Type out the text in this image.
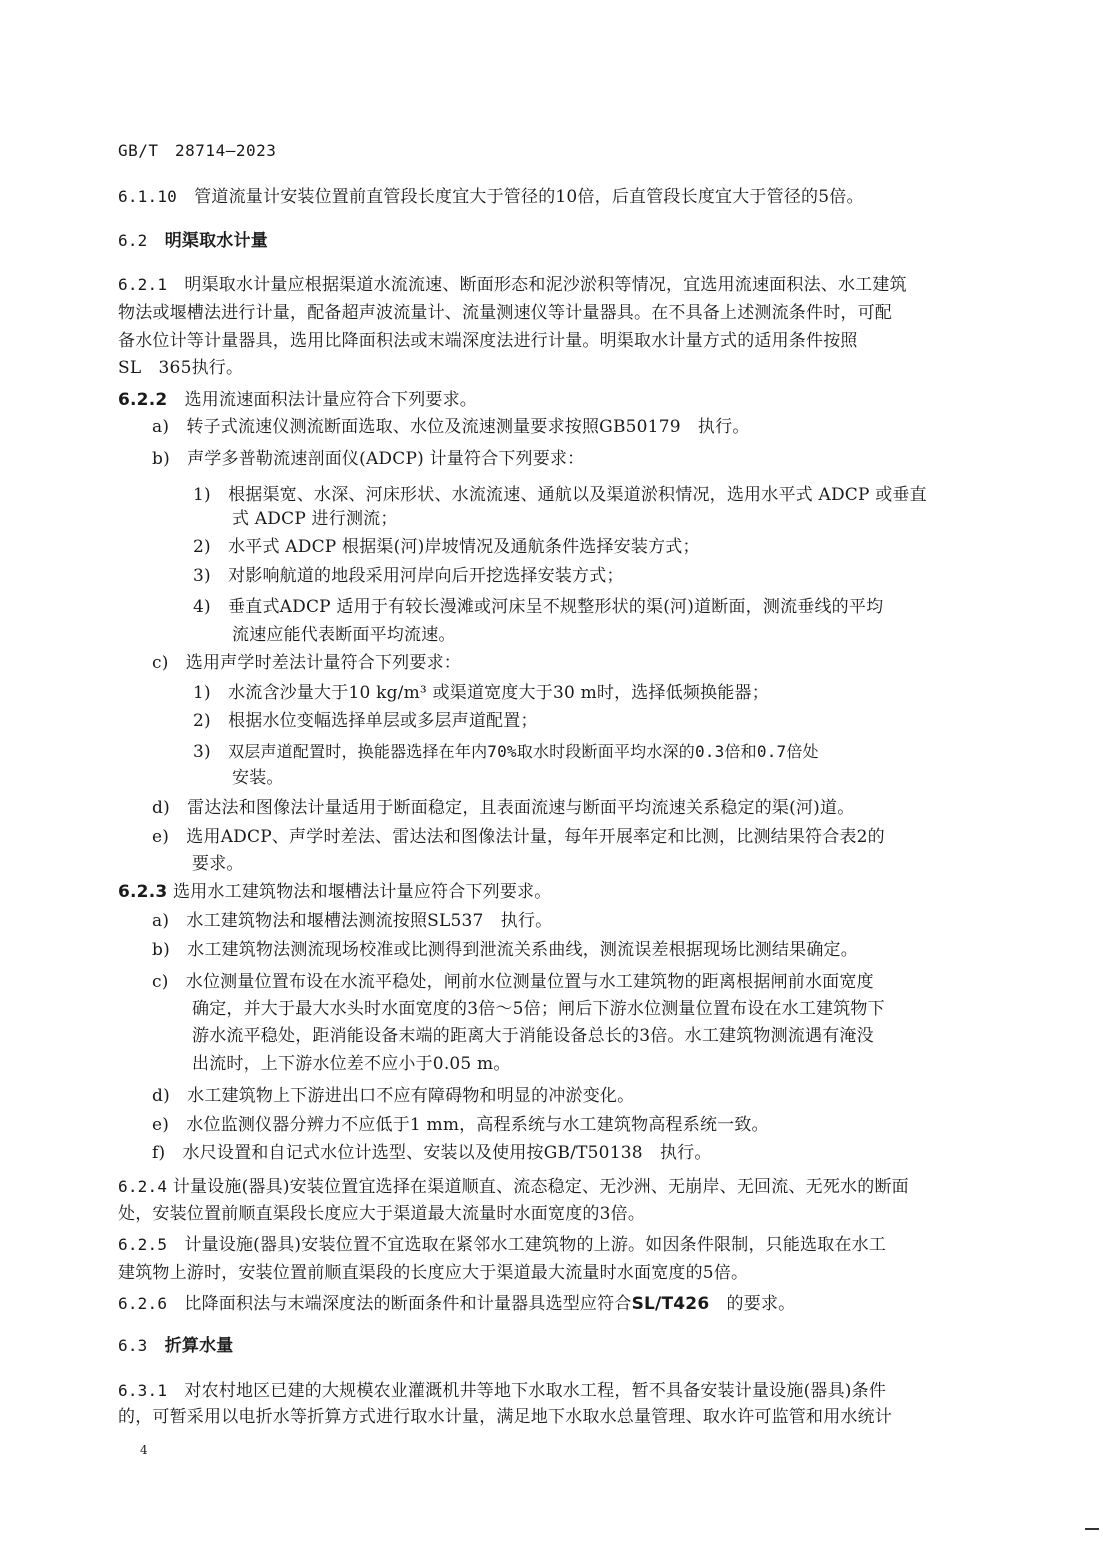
GB/T　28714—2023
6.1.10　 管道流量计安装位置前直管段长度宜大于管径的10倍，后直管段长度宜大于管径的5倍。
6.2　 明渠取水计量
6.2.1　 明渠取水计量应根据渠道水流流速、断面形态和泥沙淤积等情况，宜选用流速面积法、水工建筑
物法或堰槽法进行计量，配备超声波流量计、流量测速仪等计量器具。在不具备上述测流条件时，可配
备水位计等计量器具，选用比降面积法或末端深度法进行计量。明渠取水计量方式的适用条件按照
SL　365执行。
6.2.2　 选用流速面积法计量应符合下列要求。
a)　 转子式流速仪测流断面选取、水位及流速测量要求按照GB50179　执行。
b)　 声学多普勒流速剖面仪(ADCP) 计量符合下列要求：
1)　 根据渠宽、水深、河床形状、水流流速、通航以及渠道淤积情况，选用水平式 ADCP 或垂直
式 ADCP 进行测流；
2)　 水平式 ADCP 根据渠(河)岸坡情况及通航条件选择安装方式；
3)　 对影响航道的地段采用河岸向后开挖选择安装方式；
4)　 垂直式ADCP 适用于有较长漫滩或河床呈不规整形状的渠(河)道断面，测流垂线的平均
流速应能代表断面平均流速。
c)　 选用声学时差法计量符合下列要求：
1)　 水流含沙量大于10 kg/m³ 或渠道宽度大于30 m时，选择低频换能器；
2)　 根据水位变幅选择单层或多层声道配置；
3)　 双层声道配置时，换能器选择在年内70%取水时段断面平均水深的0.3倍和0.7倍处
安装。
d)　 雷达法和图像法计量适用于断面稳定，且表面流速与断面平均流速关系稳定的渠(河)道。
e)　 选用ADCP、声学时差法、雷达法和图像法计量，每年开展率定和比测，比测结果符合表2的
要求。
6.2.3 选用水工建筑物法和堰槽法计量应符合下列要求。
a)　 水工建筑物法和堰槽法测流按照SL537　执行。
b)　 水工建筑物法测流现场校准或比测得到泄流关系曲线，测流误差根据现场比测结果确定。
c)　 水位测量位置布设在水流平稳处，闸前水位测量位置与水工建筑物的距离根据闸前水面宽度
确定，并大于最大水头时水面宽度的3倍～5倍；闸后下游水位测量位置布设在水工建筑物下
游水流平稳处，距消能设备末端的距离大于消能设备总长的3倍。水工建筑物测流遇有淹没
出流时，上下游水位差不应小于0.05 m。
d)　 水工建筑物上下游进出口不应有障碍物和明显的冲淤变化。
e)　 水位监测仪器分辨力不应低于1 mm，高程系统与水工建筑物高程系统一致。
f)　 水尺设置和自记式水位计选型、安装以及使用按GB/T50138　执行。
6.2.4 计量设施(器具)安装位置宜选择在渠道顺直、流态稳定、无沙洲、无崩岸、无回流、无死水的断面
处，安装位置前顺直渠段长度应大于渠道最大流量时水面宽度的3倍。
6.2.5　 计量设施(器具)安装位置不宜选取在紧邻水工建筑物的上游。如因条件限制，只能选取在水工
建筑物上游时，安装位置前顺直渠段的长度应大于渠道最大流量时水面宽度的5倍。
6.2.6　 比降面积法与末端深度法的断面条件和计量器具选型应符合SL/T426　的要求。
6.3　 折算水量
6.3.1　 对农村地区已建的大规模农业灌溉机井等地下水取水工程，暂不具备安装计量设施(器具)条件
的，可暂采用以电折水等折算方式进行取水计量，满足地下水取水总量管理、取水许可监管和用水统计
4
